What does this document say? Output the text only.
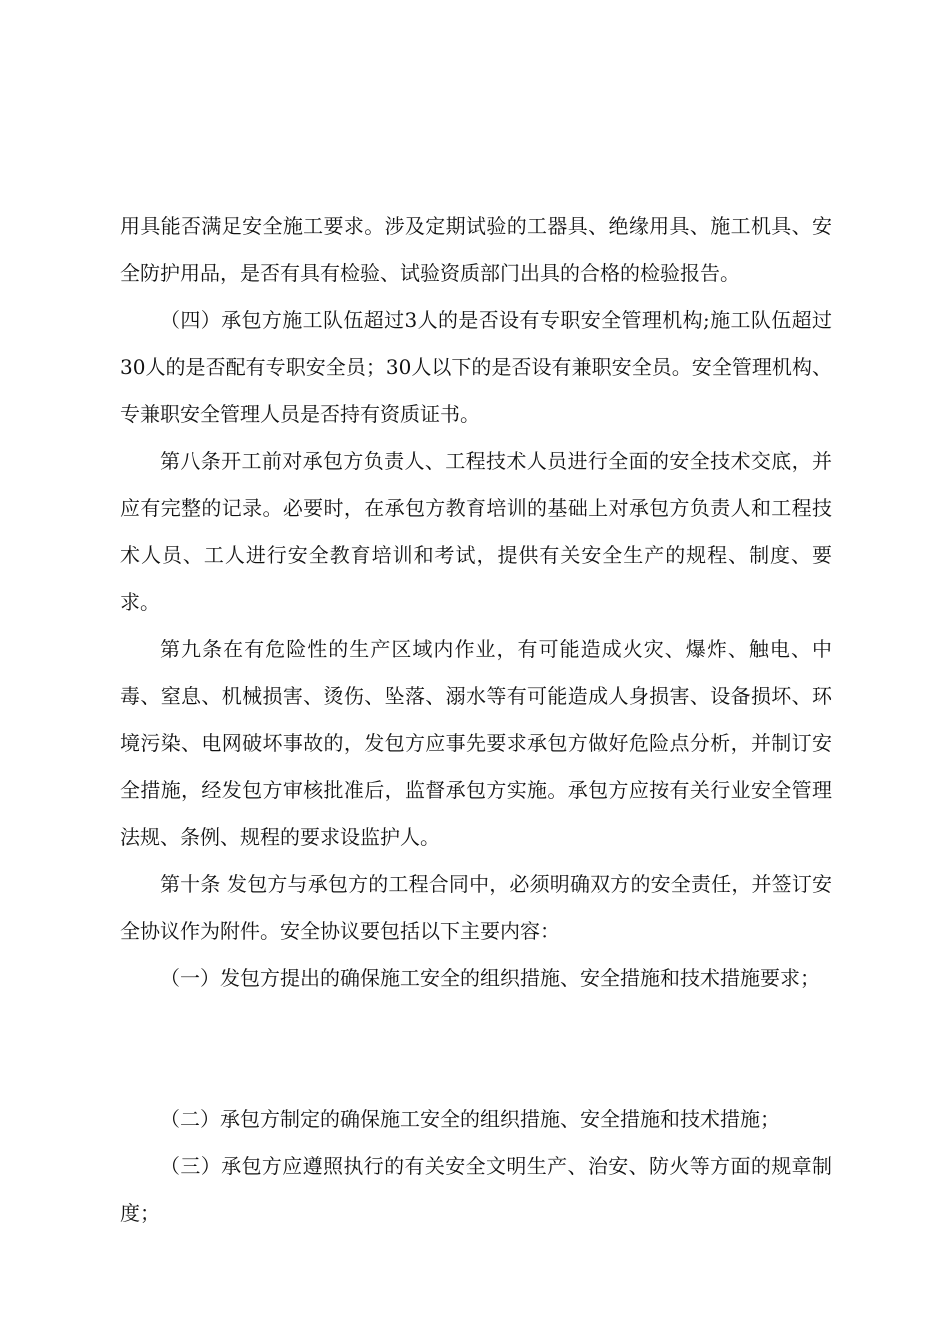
用具能否满足安全施工要求。涉及定期试验的工器具、绝缘用具、施工机具、安全防护用品，是否有具有检验、试验资质部门出具的合格的检验报告。

（四）承包方施工队伍超过3人的是否设有专职安全管理机构;施工队伍超过30人的是否配有专职安全员；30人以下的是否设有兼职安全员。安全管理机构、专兼职安全管理人员是否持有资质证书。

第八条开工前对承包方负责人、工程技术人员进行全面的安全技术交底，并应有完整的记录。必要时，在承包方教育培训的基础上对承包方负责人和工程技术人员、工人进行安全教育培训和考试，提供有关安全生产的规程、制度、要求。

第九条在有危险性的生产区域内作业，有可能造成火灾、爆炸、触电、中毒、窒息、机械损害、烫伤、坠落、溺水等有可能造成人身损害、设备损坏、环境污染、电网破坏事故的，发包方应事先要求承包方做好危险点分析，并制订安全措施，经发包方审核批准后，监督承包方实施。承包方应按有关行业安全管理法规、条例、规程的要求设监护人。

第十条 发包方与承包方的工程合同中，必须明确双方的安全责任，并签订安全协议作为附件。安全协议要包括以下主要内容：

（一）发包方提出的确保施工安全的组织措施、安全措施和技术措施要求；

（二）承包方制定的确保施工安全的组织措施、安全措施和技术措施；

（三）承包方应遵照执行的有关安全文明生产、治安、防火等方面的规章制度；
